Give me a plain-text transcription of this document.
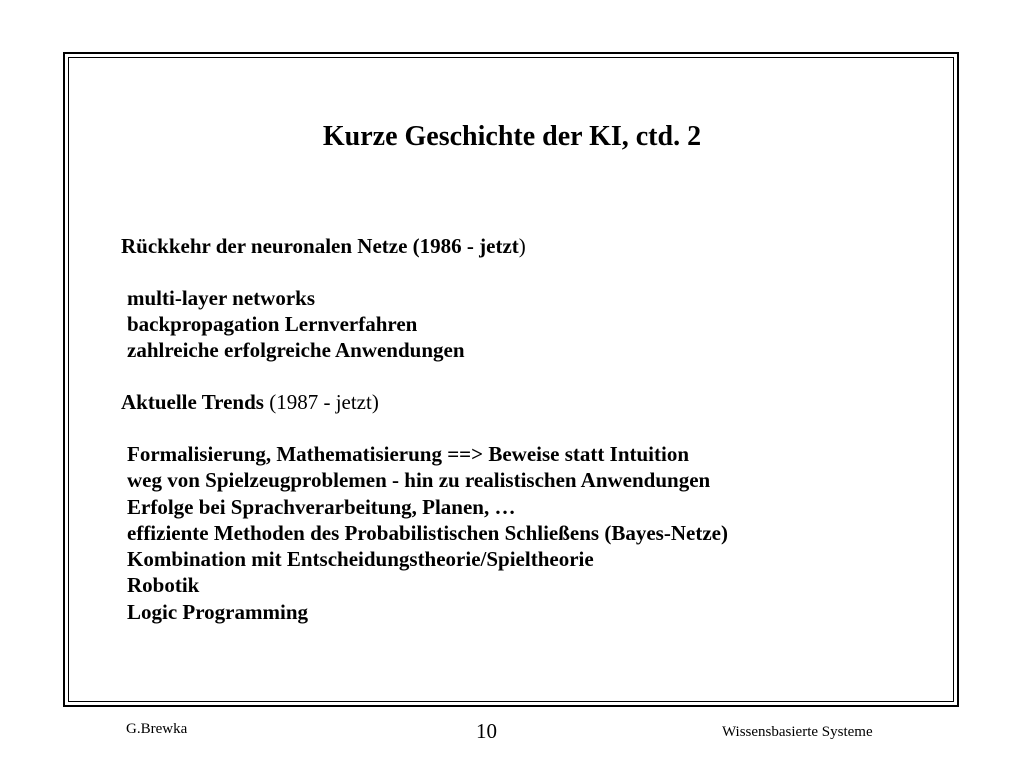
Kurze Geschichte der KI, ctd. 2
Rückkehr der neuronalen Netze (1986 - jetzt)
multi-layer networks
backpropagation Lernverfahren
zahlreiche erfolgreiche Anwendungen
Aktuelle Trends (1987 - jetzt)
Formalisierung, Mathematisierung ==> Beweise statt Intuition
weg von Spielzeugproblemen - hin zu realistischen Anwendungen
Erfolge bei Sprachverarbeitung, Planen, …
effiziente Methoden des Probabilistischen Schließens (Bayes-Netze)
Kombination mit Entscheidungstheorie/Spieltheorie
Robotik
Logic Programming
G.Brewka	10	Wissensbasierte Systeme
